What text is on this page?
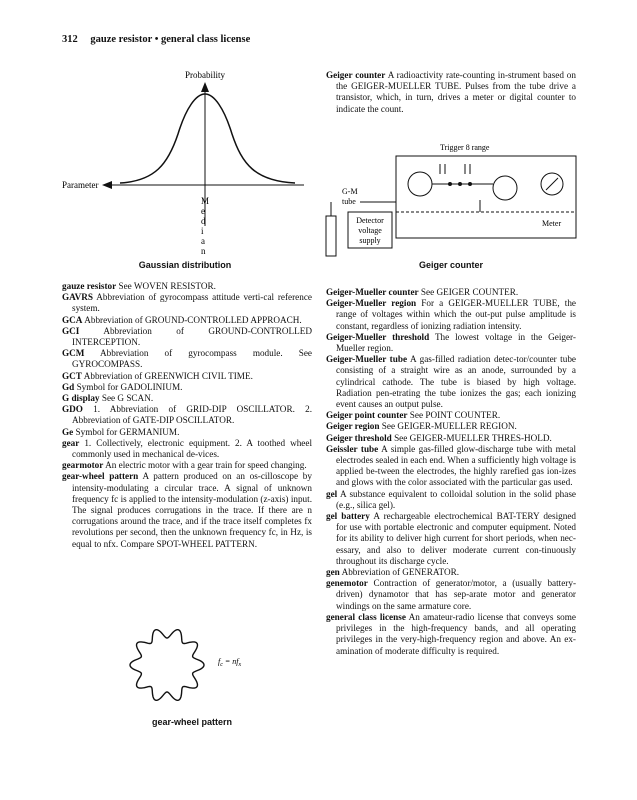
312 gauze resistor • general class license
Probability
Parameter
M e d i a n
Gaussian distribution

Geiger counter A radioactivity rate-counting in-strument based on the GEIGER-MUELLER TUBE. Pulses from the tube drive a transistor, which, in turn, drives a meter or digital counter to indicate the count.

Trigger 8 range
G-M
tube
Detector
voltage
supply
Meter
Geiger counter

gauze resistor See WOVEN RESISTOR.

GAVRS Abbreviation of gyrocompass attitude verti-cal reference system.

GCA Abbreviation of GROUND-CONTROLLED APPROACH.

GCI	Abbreviation of GROUND-CONTROLLED INTERCEPTION.

GCM Abbreviation of gyrocompass module. See GYROCOMPASS.

GCT Abbreviation of GREENWICH CIVIL TIME.

Gd Symbol for GADOLINIUM.

G display See G SCAN.

GDO 1. Abbreviation of GRID-DIP OSCILLATOR. 2. Abbreviation of GATE-DIP OSCILLATOR.

Ge Symbol for GERMANIUM.

gear 1. Collectively, electronic equipment. 2. A toothed wheel commonly used in mechanical de-vices.

gearmotor An electric motor with a gear train for speed changing.

gear-wheel pattern A pattern produced on an os-cilloscope by intensity-modulating a circular trace. A signal of unknown frequency fc is applied to the intensity-modulation (z-axis) input. The signal produces corrugations in the trace. If there are n corrugations around the trace, and if the trace itself completes fx revolutions per second, then the unknown frequency fc, in Hz, is equal to nfx. Compare SPOT-WHEEL PATTERN.

Geiger-Mueller counter See GEIGER COUNTER.

Geiger-Mueller region For a GEIGER-MUELLER TUBE, the range of voltages within which the out-put pulse amplitude is constant, regardless of ionizing radiation intensity.

Geiger-Mueller threshold The lowest voltage in the Geiger-Mueller region.

Geiger-Mueller tube A gas-filled radiation detec-tor/counter tube consisting of a straight wire as an anode, surrounded by a cylindrical cathode. The tube is biased by high voltage. Radiation pen-etrating the tube ionizes the gas; each ionizing event causes an output pulse.

Geiger point counter See POINT COUNTER.

Geiger region See GEIGER-MUELLER REGION.

Geiger threshold See GEIGER-MUELLER THRES-HOLD.

Geissler tube A simple gas-filled glow-discharge tube with metal electrodes sealed in each end. When a sufficiently high voltage is applied be-tween the electrodes, the highly rarefied gas ion-izes and glows with the color associated with the particular gas used.

gel A substance equivalent to colloidal solution in the solid phase (e.g., silica gel).

gel battery A rechargeable electrochemical BAT-TERY designed for use with portable electronic and computer equipment. Noted for its ability to deliver high current for short periods, when nec-essary, and also to deliver moderate current con-tinuously throughout its discharge cycle.

gen Abbreviation of GENERATOR.

genemotor Contraction of generator/motor, a (usually battery-driven) dynamotor that has sep-arate motor and generator windings on the same armature core.

general class license An amateur-radio license that conveys some privileges in the high-frequency bands, and all operating privileges in the very-high-frequency region and above. An ex-amination of moderate difficulty is required.

$f_c = nf_x$
gear-wheel pattern
